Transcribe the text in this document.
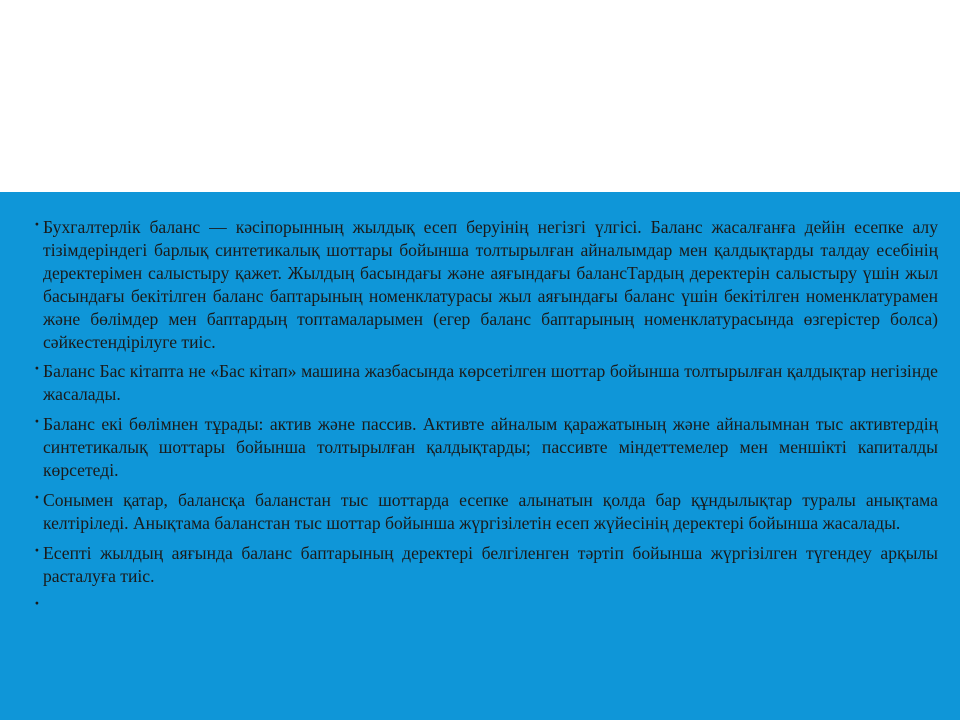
· Бухгалтерлік баланс — кәсіпорынның жылдық есеп беруінің негізгі үлгісі. Баланс жасалғанға дейін есепке алу тізімдеріндегі барлық синтетикалық шоттары бойынша толтырылған айналымдар мен қалдықтарды талдау есебінің деректерімен салыстыру қажет. Жылдың басындағы және аяғындағы балансТардың деректерін салыстыру үшін жыл басындағы бекітілген баланс баптарының номенклатурасы жыл аяғындағы баланс үшін бекітілген номенклатурамен және бөлімдер мен баптардың топтамаларымен (егер баланс баптарының номенклатурасында өзгерістер болса) сәйкестендірілуге тиіс.
· Баланс Бас кітапта не «Бас кітап» машина жазбасында көрсетілген шоттар бойынша толтырылған қалдықтар негізінде жасалады.
· Баланс екі бөлімнен тұрады: актив және пассив. Активте айналым қаражатының және айналымнан тыс активтердің синтетикалық шоттары бойынша толтырылған қалдықтарды; пассивте міндеттемелер мен меншікті капиталды көрсетеді.
· Сонымен қатар, балансқа баланстан тыс шоттарда есепке алынатын қолда бар құндылықтар туралы анықтама келтіріледі. Анықтама баланстан тыс шоттар бойынша жүргізілетін есеп жүйесінің деректері бойынша жасалады.
· Есепті жылдың аяғында баланс баптарының деректері белгіленген тәртіп бойынша жүргізілген түгендеу арқылы расталуға тиіс.
·
